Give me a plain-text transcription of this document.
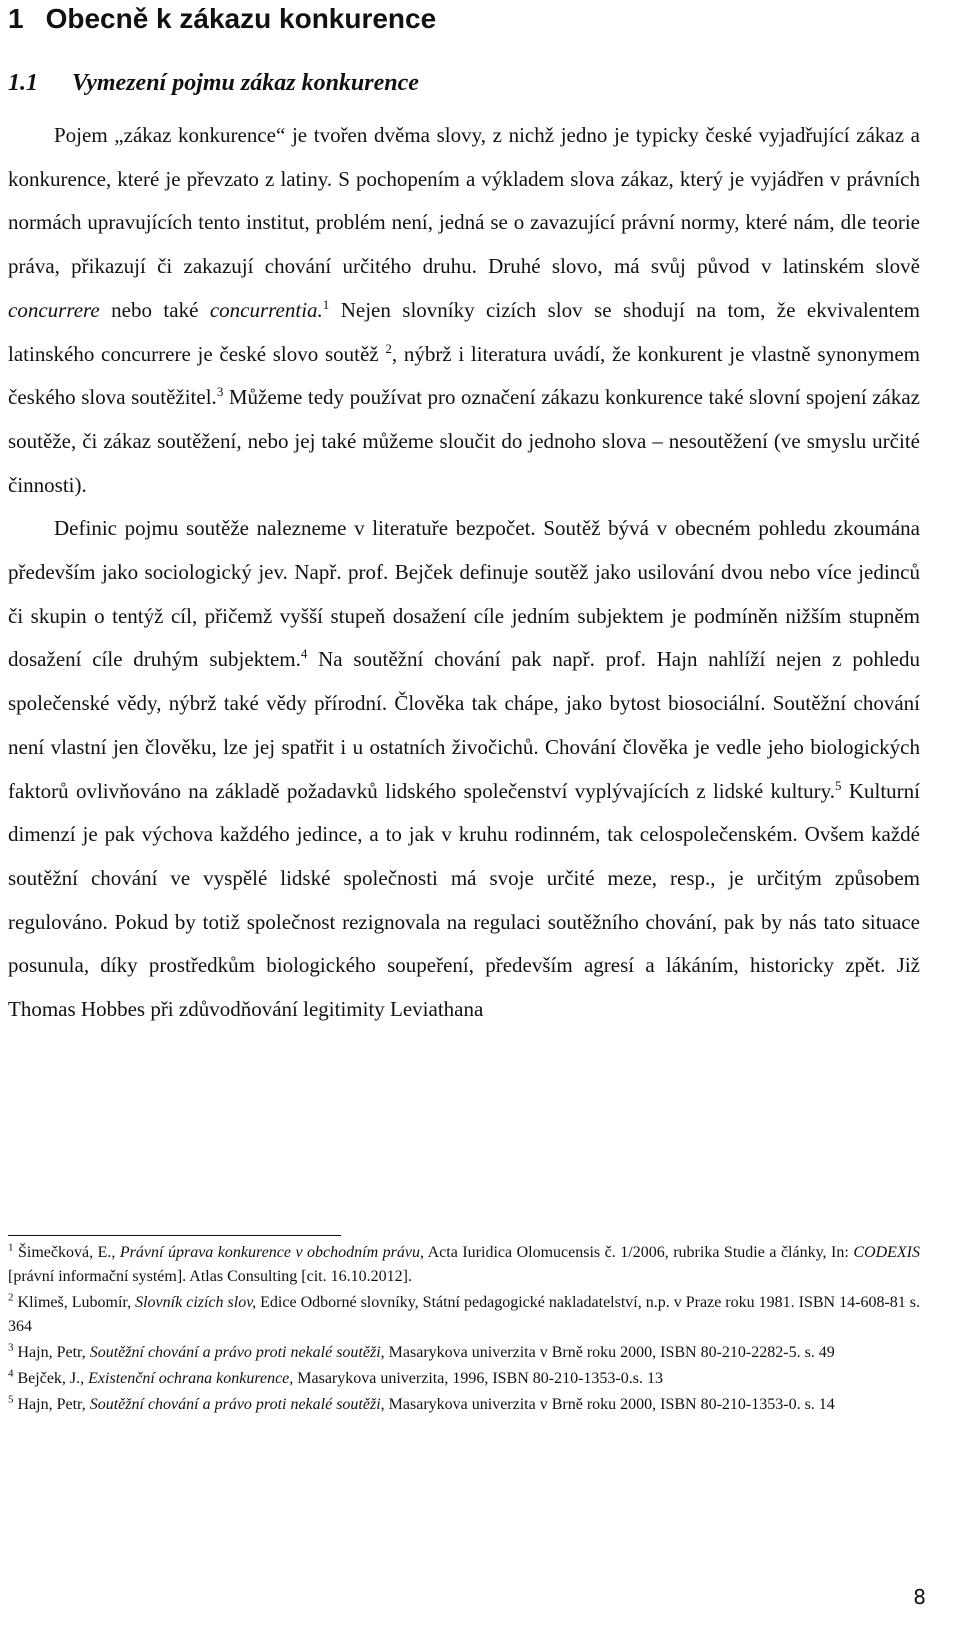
1 Obecně k zákazu konkurence
1.1 Vymezení pojmu zákaz konkurence

Pojem „zákaz konkurence“ je tvořen dvěma slovy, z nichž jedno je typicky české vyjadřující zákaz a konkurence, které je převzato z latiny. S pochopením a výkladem slova zákaz, který je vyjádřen v právních normách upravujících tento institut, problém není, jedná se o zavazující právní normy, které nám, dle teorie práva, přikazují či zakazují chování určitého druhu. Druhé slovo, má svůj původ v latinském slově concurrere nebo také concurrentia.$^1$ Nejen slovníky cizích slov se shodují na tom, že ekvivalentem latinského concurrere je české slovo soutěž $^2$, nýbrž i literatura uvádí, že konkurent je vlastně synonymem českého slova soutěžitel.$^3$ Můžeme tedy používat pro označení zákazu konkurence také slovní spojení zákaz soutěže, či zákaz soutěžení, nebo jej také můžeme sloučit do jednoho slova – nesoutěžení (ve smyslu určité činnosti).

Definic pojmu soutěže nalezneme v literatuře bezpočet. Soutěž bývá v obecném pohledu zkoumána především jako sociologický jev. Např. prof. Bejček definuje soutěž jako usilování dvou nebo více jedinců či skupin o tentýž cíl, přičemž vyšší stupeň dosažení cíle jedním subjektem je podmíněn nižším stupněm dosažení cíle druhým subjektem.$^4$ Na soutěžní chování pak např. prof. Hajn nahlíží nejen z pohledu společenské vědy, nýbrž také vědy přírodní. Člověka tak chápe, jako bytost biosociální. Soutěžní chování není vlastní jen člověku, lze jej spatřit i u ostatních živočichů. Chování člověka je vedle jeho biologických faktorů ovlivňováno na základě požadavků lidského společenství vyplývajících z lidské kultury.$^5$ Kulturní dimenzí je pak výchova každého jedince, a to jak v kruhu rodinném, tak celospolečenském. Ovšem každé soutěžní chování ve vyspělé lidské společnosti má svoje určité meze, resp., je určitým způsobem regulováno. Pokud by totiž společnost rezignovala na regulaci soutěžního chování, pak by nás tato situace posunula, díky prostředkům biologického soupeření, především agresí a lákáním, historicky zpět. Již Thomas Hobbes při zdůvodňování legitimity Leviathana

$^1$ Šimečková, E., Právní úprava konkurence v obchodním právu, Acta Iuridica Olomucensis č. 1/2006, rubrika Studie a články, In: CODEXIS [právní informační systém]. Atlas Consulting [cit. 16.10.2012].

$^2$ Klimeš, Lubomír, Slovník cizích slov, Edice Odborné slovníky, Státní pedagogické nakladatelství, n.p. v Praze roku 1981. ISBN 14-608-81 s. 364

$^3$ Hajn, Petr, Soutěžní chování a právo proti nekalé soutěži, Masarykova univerzita v Brně roku 2000, ISBN 80-210-2282-5. s. 49

$^4$ Bejček, J., Existenční ochrana konkurence, Masarykova univerzita, 1996, ISBN 80-210-1353-0.s. 13

$^5$ Hajn, Petr, Soutěžní chování a právo proti nekalé soutěži, Masarykova univerzita v Brně roku 2000, ISBN 80-210-1353-0. s. 14

8
